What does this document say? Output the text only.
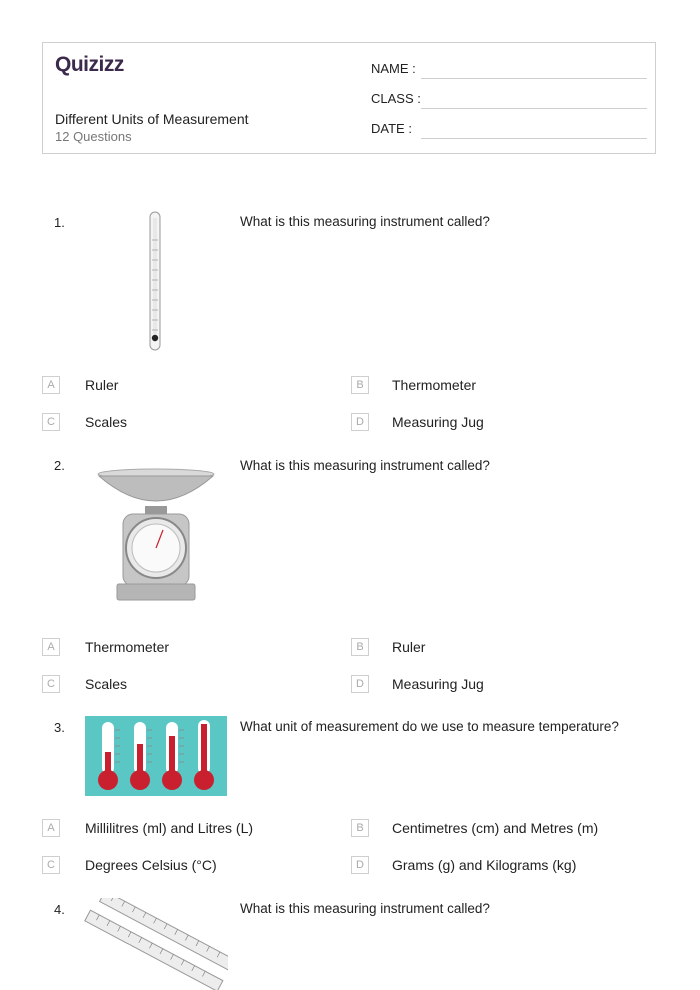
Quizizz
Different Units of Measurement
12 Questions
NAME :
CLASS :
DATE :
1.	What is this measuring instrument called?
A	Ruler	B	Thermometer
C	Scales	D	Measuring Jug
2.	What is this measuring instrument called?
A	Thermometer	B	Ruler
C	Scales	D	Measuring Jug
3.	What unit of measurement do we use to measure temperature?
A	Millilitres (ml) and Litres (L)	B	Centimetres (cm) and Metres (m)
C	Degrees Celsius (°C)	D	Grams (g) and Kilograms (kg)
4.	What is this measuring instrument called?
